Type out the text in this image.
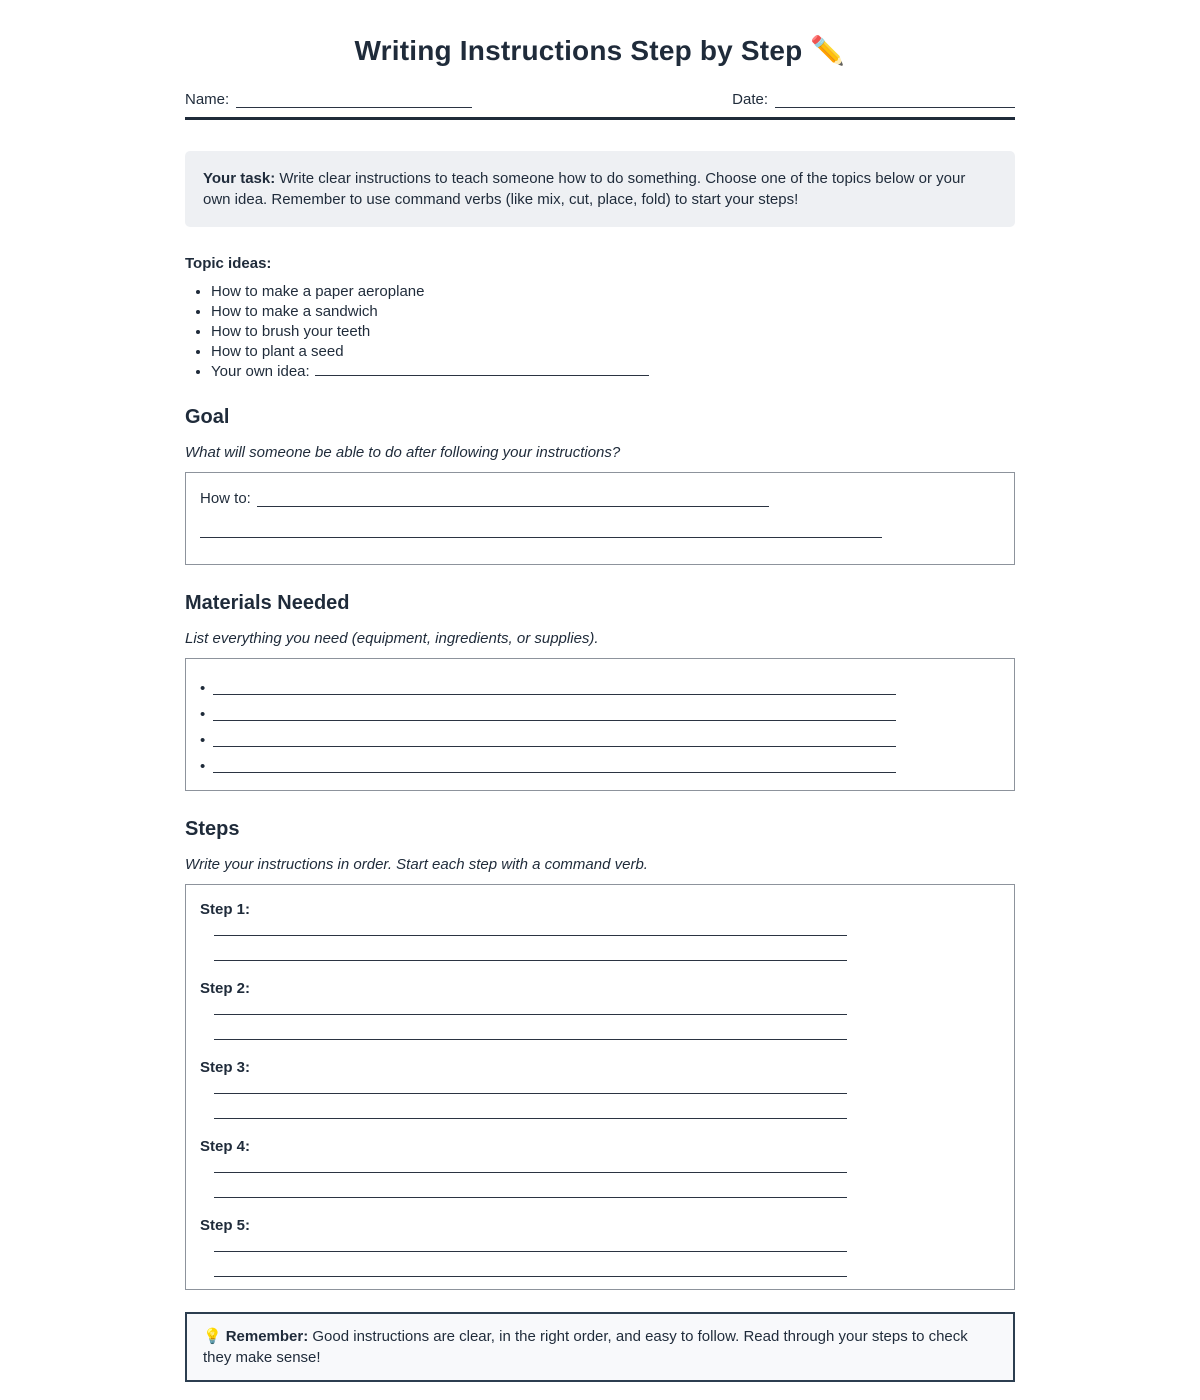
Writing Instructions Step by Step ✏️
Name:	Date:
Your task: Write clear instructions to teach someone how to do something. Choose one of the topics below or your own idea. Remember to use command verbs (like mix, cut, place, fold) to start your steps!
Topic ideas:
• How to make a paper aeroplane
• How to make a sandwich
• How to brush your teeth
• How to plant a seed
• Your own idea:
Goal
What will someone be able to do after following your instructions?
How to:
Materials Needed
List everything you need (equipment, ingredients, or supplies).
•
•
•
•
Steps
Write your instructions in order. Start each step with a command verb.
Step 1:
Step 2:
Step 3:
Step 4:
Step 5:
💡 Remember: Good instructions are clear, in the right order, and easy to follow. Read through your steps to check they make sense!
